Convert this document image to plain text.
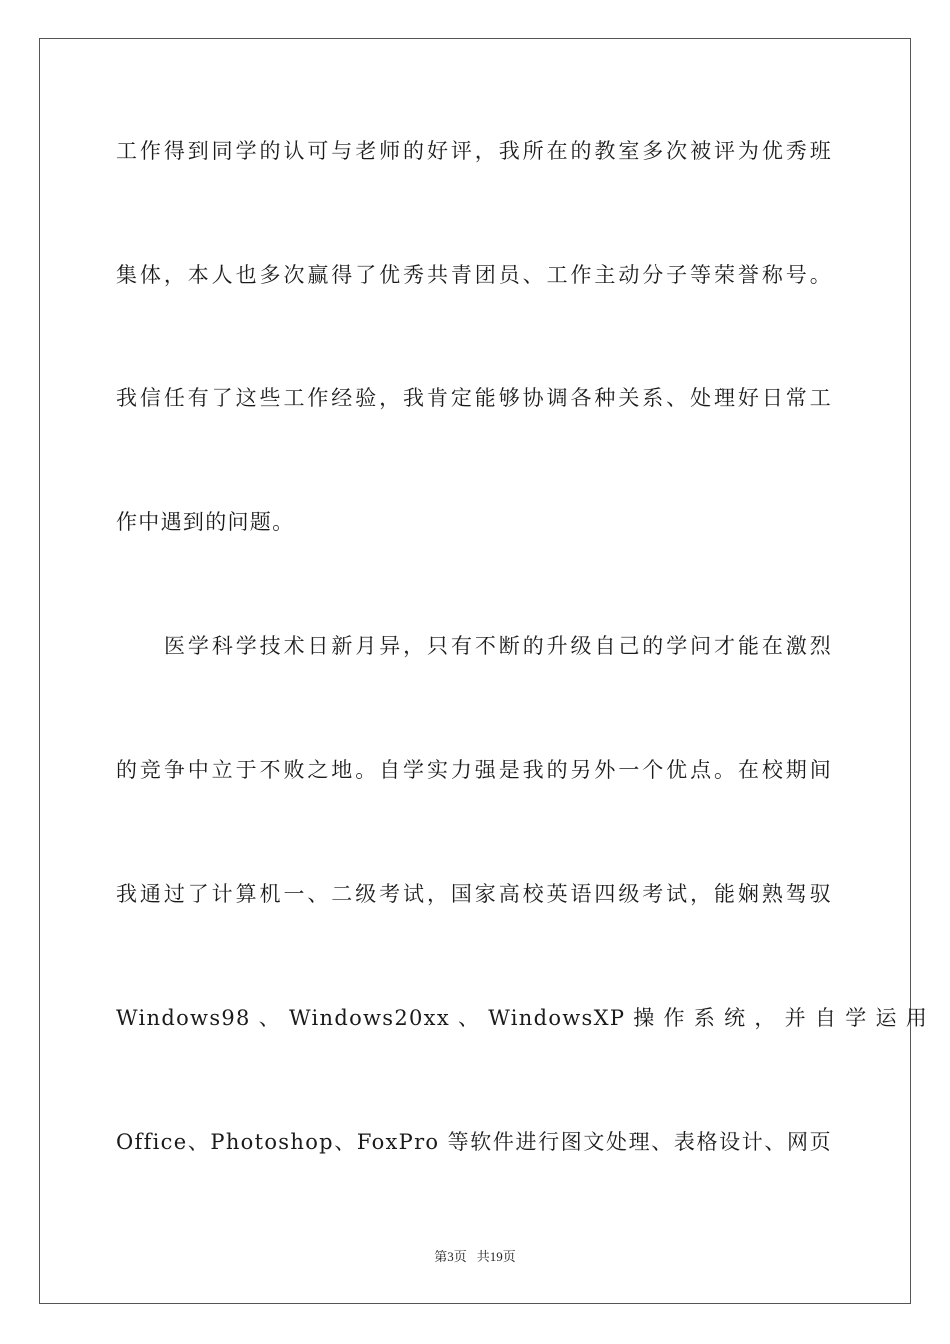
工作得到同学的认可与老师的好评，我所在的教室多次被评为优秀班
集体，本人也多次赢得了优秀共青团员、工作主动分子等荣誉称号。
我信任有了这些工作经验，我肯定能够协调各种关系、处理好日常工
作中遇到的问题。
医学科学技术日新月异，只有不断的升级自己的学问才能在激烈
的竞争中立于不败之地。自学实力强是我的另外一个优点。在校期间
我通过了计算机一、二级考试，国家高校英语四级考试，能娴熟驾驭
Windows98 、 Windows20xx 、 WindowsXP 操 作 系 统 ， 并 自 学 运 用
Office、Photoshop、FoxPro 等软件进行图文处理、表格设计、网页
第3页 共19页
